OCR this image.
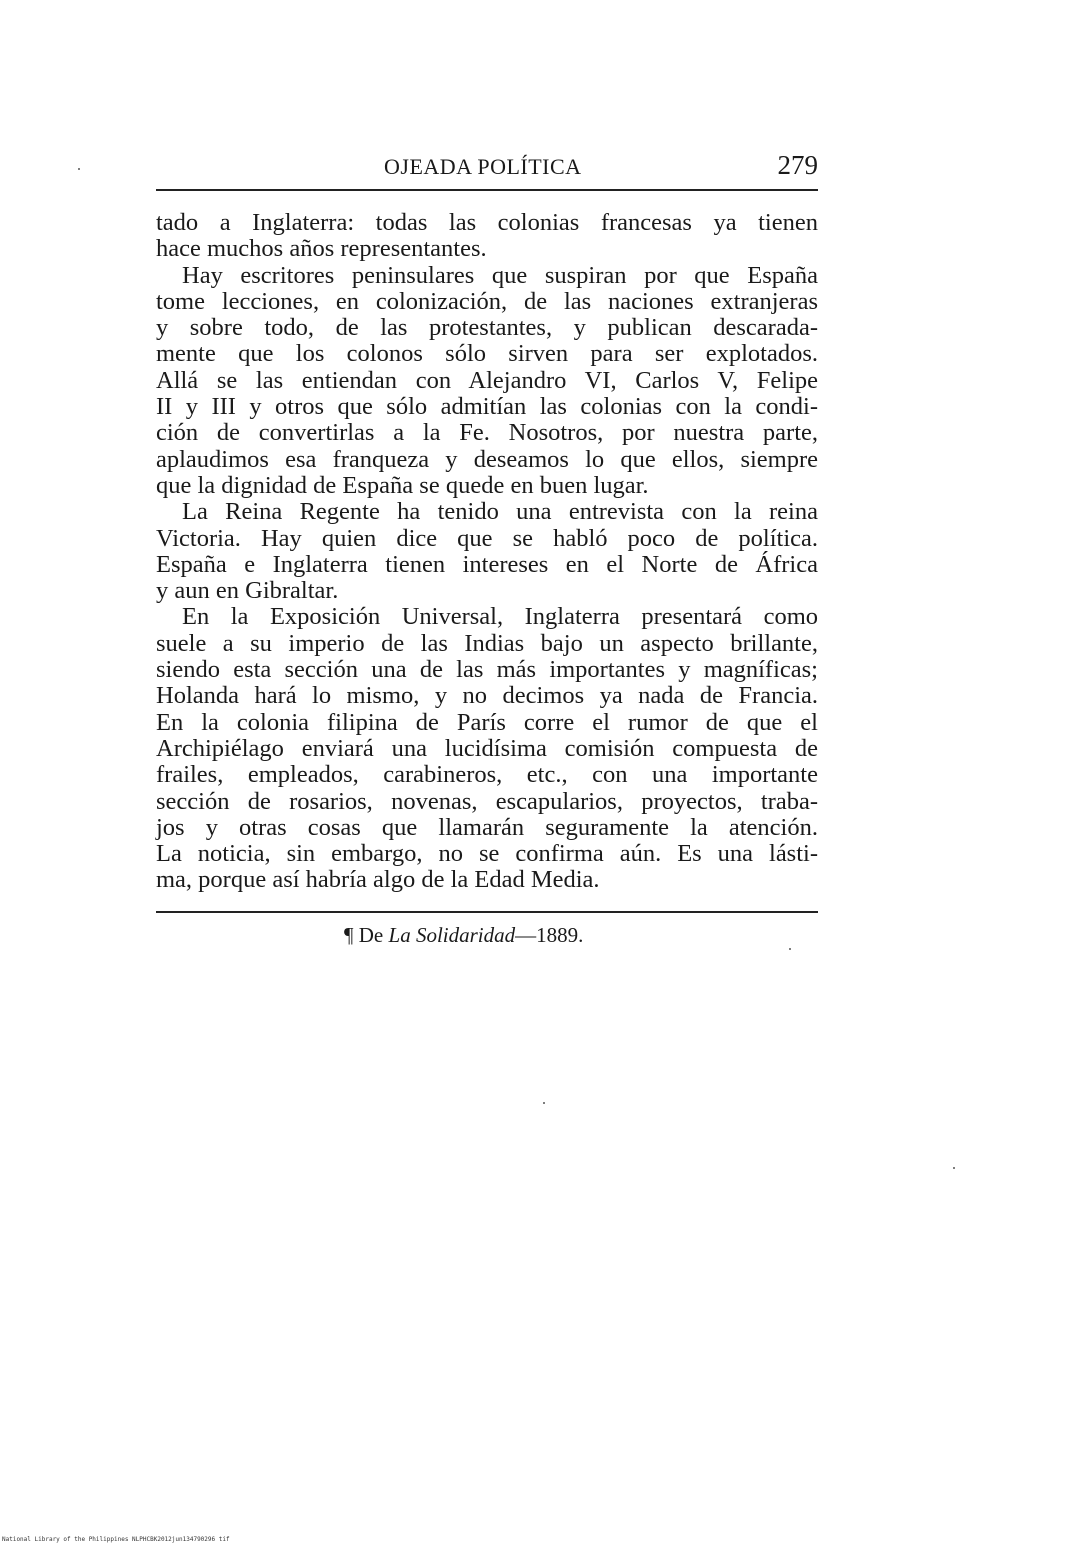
OJEADA POLÍTICA	279
tado a Inglaterra: todas las colonias francesas ya tienen
hace muchos años representantes.
Hay escritores peninsulares que suspiran por que España
tome lecciones, en colonización, de las naciones extranjeras
y sobre todo, de las protestantes, y publican descarada-
mente que los colonos sólo sirven para ser explotados.
Allá se las entiendan con Alejandro VI, Carlos V, Felipe
II y III y otros que sólo admitían las colonias con la condi-
ción de convertirlas a la Fe. Nosotros, por nuestra parte,
aplaudimos esa franqueza y deseamos lo que ellos, siempre
que la dignidad de España se quede en buen lugar.
La Reina Regente ha tenido una entrevista con la reina
Victoria. Hay quien dice que se habló poco de política.
España e Inglaterra tienen intereses en el Norte de África
y aun en Gibraltar.
En la Exposición Universal, Inglaterra presentará como
suele a su imperio de las Indias bajo un aspecto brillante,
siendo esta sección una de las más importantes y magníficas;
Holanda hará lo mismo, y no decimos ya nada de Francia.
En la colonia filipina de París corre el rumor de que el
Archipiélago enviará una lucidísima comisión compuesta de
frailes, empleados, carabineros, etc., con una importante
sección de rosarios, novenas, escapularios, proyectos, traba-
jos y otras cosas que llamarán seguramente la atención.
La noticia, sin embargo, no se confirma aún. Es una lásti-
ma, porque así habría algo de la Edad Media.
¶ De La Solidaridad—1889.
National Library of the Philippines NLPHCBK2012jun134790296 tif
